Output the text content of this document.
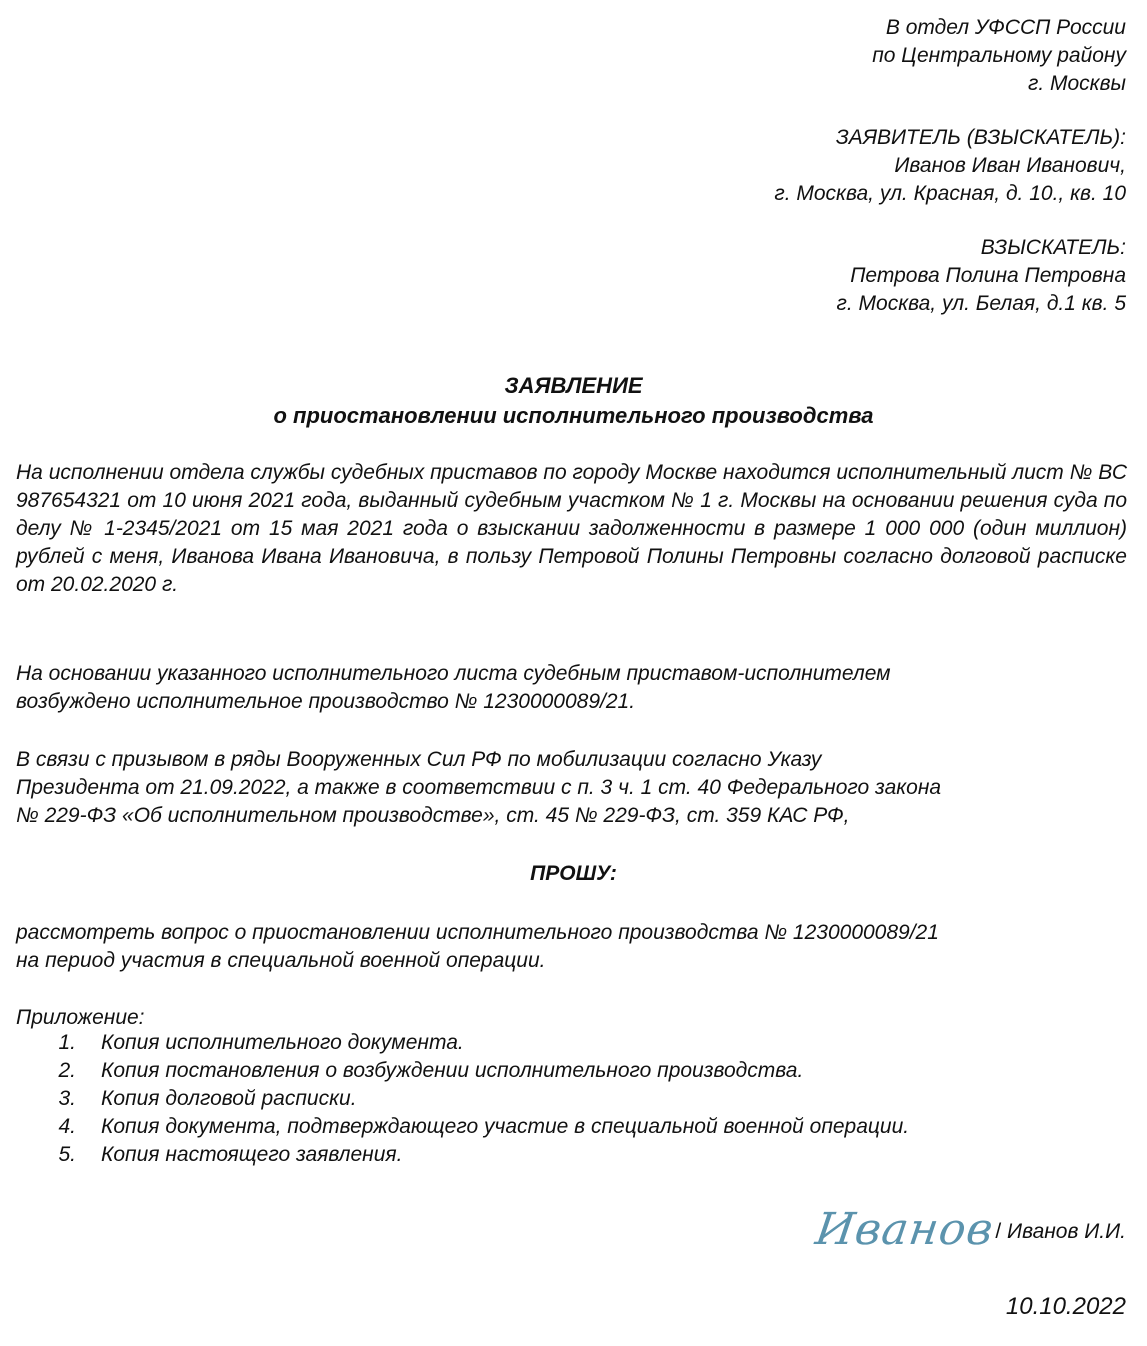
В отдел УФССП России
по Центральному району
г. Москвы
ЗАЯВИТЕЛЬ (ВЗЫСКАТЕЛЬ):
Иванов Иван Иванович,
г. Москва, ул. Красная, д. 10., кв. 10
ВЗЫСКАТЕЛЬ:
Петрова Полина Петровна
г. Москва, ул. Белая, д.1 кв. 5
ЗАЯВЛЕНИЕ
о приостановлении исполнительного производства
На исполнении отдела службы судебных приставов по городу Москве находится исполнительный лист № ВС 987654321 от 10 июня 2021 года, выданный судебным участком № 1 г. Москвы на основании решения суда по делу № 1-2345/2021 от 15 мая 2021 года о взыскании задолженности в размере 1 000 000 (один миллион) рублей с меня, Иванова Ивана Ивановича, в пользу Петровой Полины Петровны согласно долговой расписке от 20.02.2020 г.
На основании указанного исполнительного листа судебным приставом-исполнителем
возбуждено исполнительное производство № 1230000089/21.
В связи с призывом в ряды Вооруженных Сил РФ по мобилизации согласно Указу
Президента от 21.09.2022, а также в соответствии с п. 3 ч. 1 ст. 40 Федерального закона
№ 229-ФЗ «Об исполнительном производстве», ст. 45 № 229-ФЗ, ст. 359 КАС РФ,
ПРОШУ:
рассмотреть вопрос о приостановлении исполнительного производства № 1230000089/21
на период участия в специальной военной операции.
Приложение:
1. Копия исполнительного документа.
2. Копия постановления о возбуждении исполнительного производства.
3. Копия долговой расписки.
4. Копия документа, подтверждающего участие в специальной военной операции.
5. Копия настоящего заявления.
Иванов
/ Иванов И.И.
10.10.2022
